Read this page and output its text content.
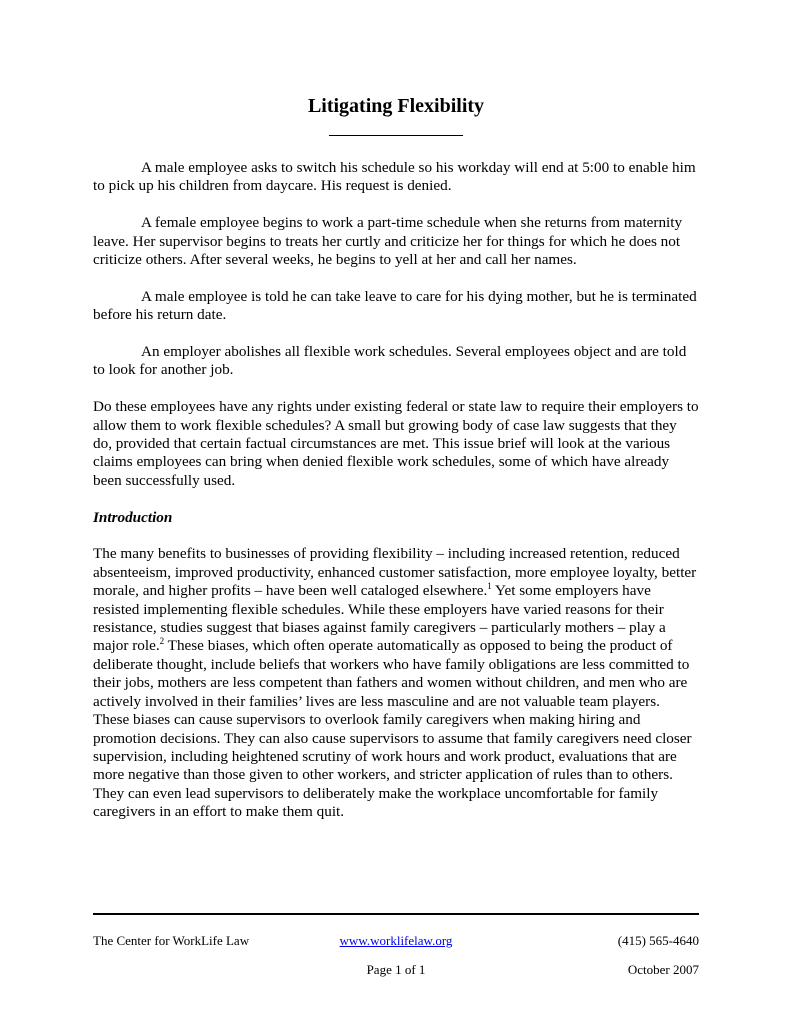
Litigating Flexibility

A male employee asks to switch his schedule so his workday will end at 5:00 to enable him to pick up his children from daycare. His request is denied.

A female employee begins to work a part-time schedule when she returns from maternity leave. Her supervisor begins to treats her curtly and criticize her for things for which he does not criticize others. After several weeks, he begins to yell at her and call her names.

A male employee is told he can take leave to care for his dying mother, but he is terminated before his return date.

An employer abolishes all flexible work schedules. Several employees object and are told to look for another job.

Do these employees have any rights under existing federal or state law to require their employers to allow them to work flexible schedules? A small but growing body of case law suggests that they do, provided that certain factual circumstances are met. This issue brief will look at the various claims employees can bring when denied flexible work schedules, some of which have already been successfully used.

Introduction

The many benefits to businesses of providing flexibility – including increased retention, reduced absenteeism, improved productivity, enhanced customer satisfaction, more employee loyalty, better morale, and higher profits – have been well cataloged elsewhere.$^1$ Yet some employers have resisted implementing flexible schedules. While these employers have varied reasons for their resistance, studies suggest that biases against family caregivers – particularly mothers – play a major role.$^2$ These biases, which often operate automatically as opposed to being the product of deliberate thought, include beliefs that workers who have family obligations are less committed to their jobs, mothers are less competent than fathers and women without children, and men who are actively involved in their families’ lives are less masculine and are not valuable team players. These biases can cause supervisors to overlook family caregivers when making hiring and promotion decisions. They can also cause supervisors to assume that family caregivers need closer supervision, including heightened scrutiny of work hours and work product, evaluations that are more negative than those given to other workers, and stricter application of rules than to others. They can even lead supervisors to deliberately make the workplace uncomfortable for family caregivers in an effort to make them quit.

The Center for WorkLife Law	www.worklifelaw.org	(415) 565-4640
Page 1 of 1	October 2007
